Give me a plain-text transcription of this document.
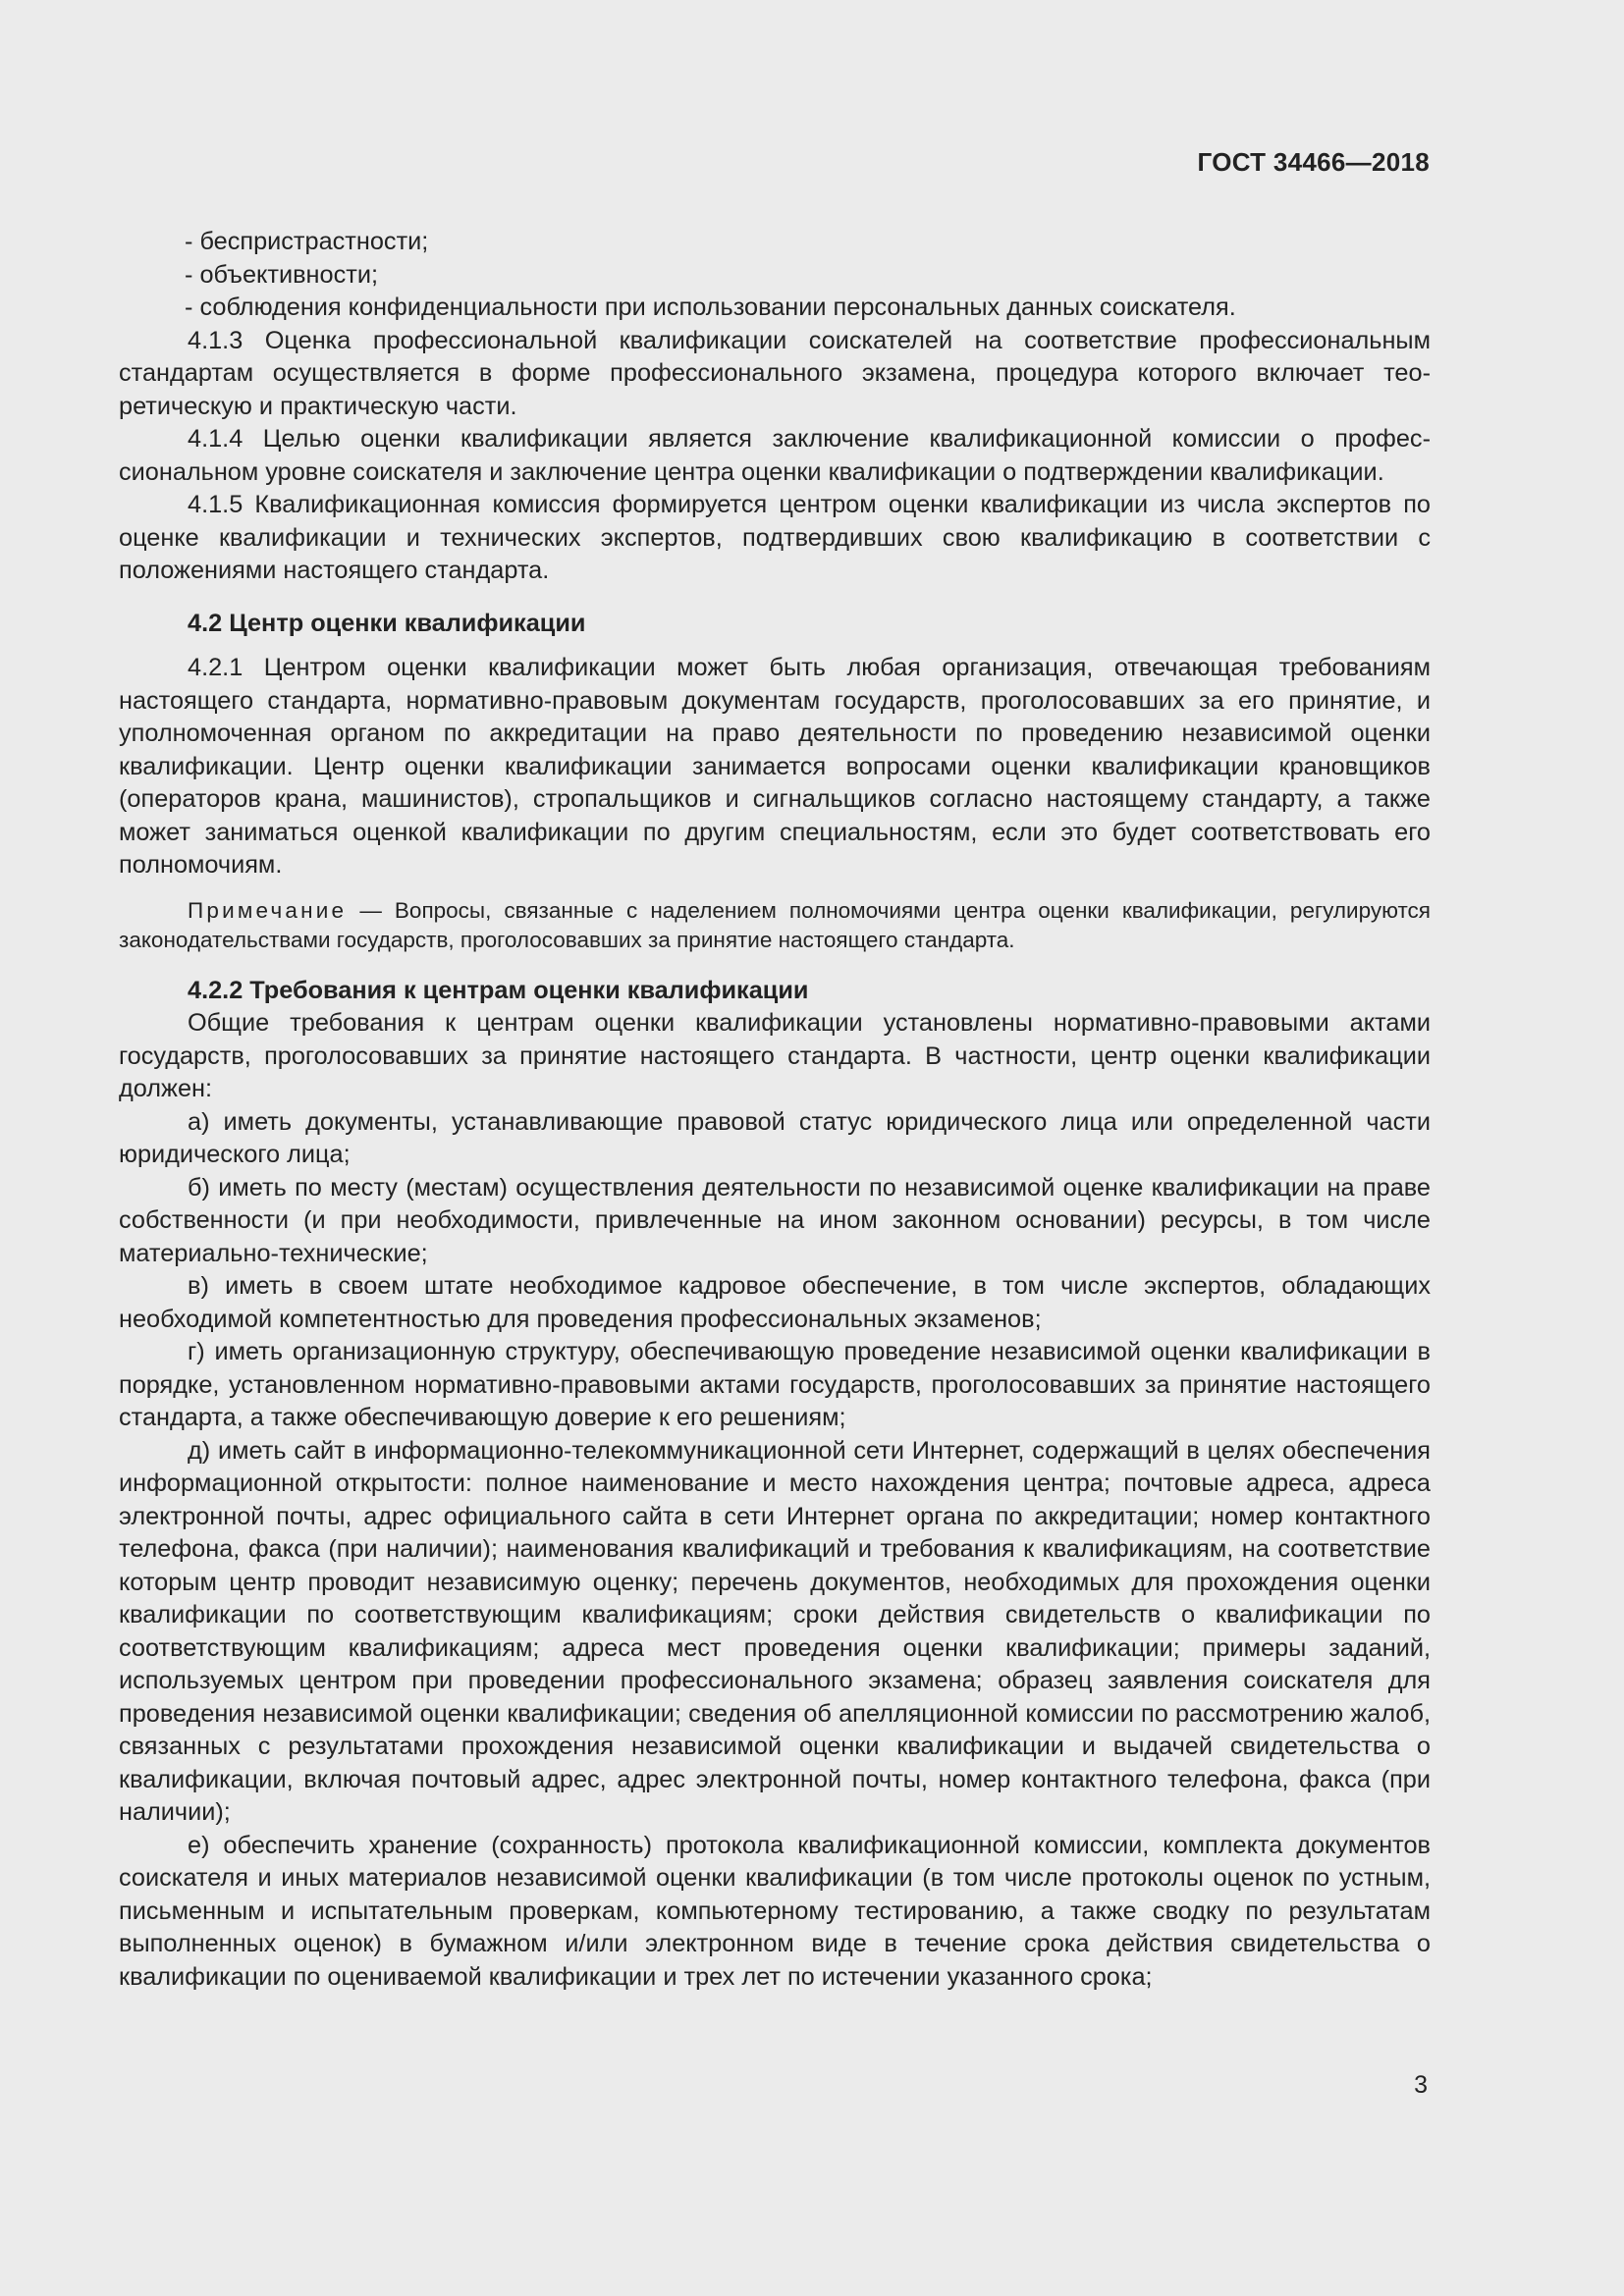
ГОСТ 34466—2018

- беспристрастности;

- объективности;

- соблюдения конфиденциальности при использовании персональных данных соискателя.

4.1.3 Оценка профессиональной квалификации соискателей на соответствие профессиональным стандартам осуществляется в форме профессионального экзамена, процедура которого включает теоретическую и практическую части.

4.1.4 Целью оценки квалификации является заключение квалификационной комиссии о профессиональном уровне соискателя и заключение центра оценки квалификации о подтверждении квалификации.

4.1.5 Квалификационная комиссия формируется центром оценки квалификации из числа экспертов по оценке квалификации и технических экспертов, подтвердивших свою квалификацию в соответствии с положениями настоящего стандарта.

4.2 Центр оценки квалификации

4.2.1 Центром оценки квалификации может быть любая организация, отвечающая требованиям настоящего стандарта, нормативно-правовым документам государств, проголосовавших за его принятие, и уполномоченная органом по аккредитации на право деятельности по проведению независимой оценки квалификации. Центр оценки квалификации занимается вопросами оценки квалификации крановщиков (операторов крана, машинистов), стропальщиков и сигнальщиков согласно настоящему стандарту, а также может заниматься оценкой квалификации по другим специальностям, если это будет соответствовать его полномочиям.

Примечание — Вопросы, связанные с наделением полномочиями центра оценки квалификации, регулируются законодательствами государств, проголосовавших за принятие настоящего стандарта.

4.2.2 Требования к центрам оценки квалификации

Общие требования к центрам оценки квалификации установлены нормативно-правовыми актами государств, проголосовавших за принятие настоящего стандарта. В частности, центр оценки квалификации должен:

а) иметь документы, устанавливающие правовой статус юридического лица или определенной части юридического лица;

б) иметь по месту (местам) осуществления деятельности по независимой оценке квалификации на праве собственности (и при необходимости, привлеченные на ином законном основании) ресурсы, в том числе материально-технические;

в) иметь в своем штате необходимое кадровое обеспечение, в том числе экспертов, обладающих необходимой компетентностью для проведения профессиональных экзаменов;

г) иметь организационную структуру, обеспечивающую проведение независимой оценки квалификации в порядке, установленном нормативно-правовыми актами государств, проголосовавших за принятие настоящего стандарта, а также обеспечивающую доверие к его решениям;

д) иметь сайт в информационно-телекоммуникационной сети Интернет, содержащий в целях обеспечения информационной открытости: полное наименование и место нахождения центра; почтовые адреса, адреса электронной почты, адрес официального сайта в сети Интернет органа по аккредитации; номер контактного телефона, факса (при наличии); наименования квалификаций и требования к квалификациям, на соответствие которым центр проводит независимую оценку; перечень документов, необходимых для прохождения оценки квалификации по соответствующим квалификациям; сроки действия свидетельств о квалификации по соответствующим квалификациям; адреса мест проведения оценки квалификации; примеры заданий, используемых центром при проведении профессионального экзамена; образец заявления соискателя для проведения независимой оценки квалификации; сведения об апелляционной комиссии по рассмотрению жалоб, связанных с результатами прохождения независимой оценки квалификации и выдачей свидетельства о квалификации, включая почтовый адрес, адрес электронной почты, номер контактного телефона, факса (при наличии);

е) обеспечить хранение (сохранность) протокола квалификационной комиссии, комплекта документов соискателя и иных материалов независимой оценки квалификации (в том числе протоколы оценок по устным, письменным и испытательным проверкам, компьютерному тестированию, а также сводку по результатам выполненных оценок) в бумажном и/или электронном виде в течение срока действия свидетельства о квалификации по оцениваемой квалификации и трех лет по истечении указанного срока;

3
